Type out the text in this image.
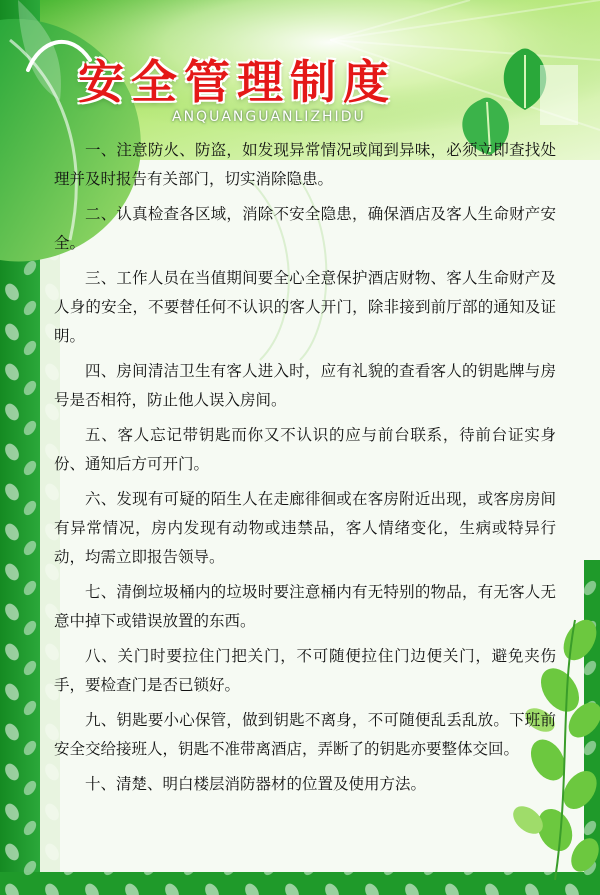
安全管理制度
ANQUANGUANLIZHIDU

一、注意防火、防盗，如发现异常情况或闻到异味，必须立即查找处理并及时报告有关部门，切实消除隐患。

二、认真检查各区域，消除不安全隐患，确保酒店及客人生命财产安全。

三、工作人员在当值期间要全心全意保护酒店财物、客人生命财产及人身的安全，不要替任何不认识的客人开门，除非接到前厅部的通知及证明。

四、房间清洁卫生有客人进入时，应有礼貌的查看客人的钥匙牌与房号是否相符，防止他人误入房间。

五、客人忘记带钥匙而你又不认识的应与前台联系，待前台证实身份、通知后方可开门。

六、发现有可疑的陌生人在走廊徘徊或在客房附近出现，或客房房间有异常情况，房内发现有动物或违禁品，客人情绪变化，生病或特异行动，均需立即报告领导。

七、清倒垃圾桶内的垃圾时要注意桶内有无特别的物品，有无客人无意中掉下或错误放置的东西。

八、关门时要拉住门把关门，不可随便拉住门边便关门，避免夹伤手，要检查门是否已锁好。

九、钥匙要小心保管，做到钥匙不离身，不可随便乱丢乱放。下班前安全交给接班人，钥匙不准带离酒店，弄断了的钥匙亦要整体交回。

十、清楚、明白楼层消防器材的位置及使用方法。
